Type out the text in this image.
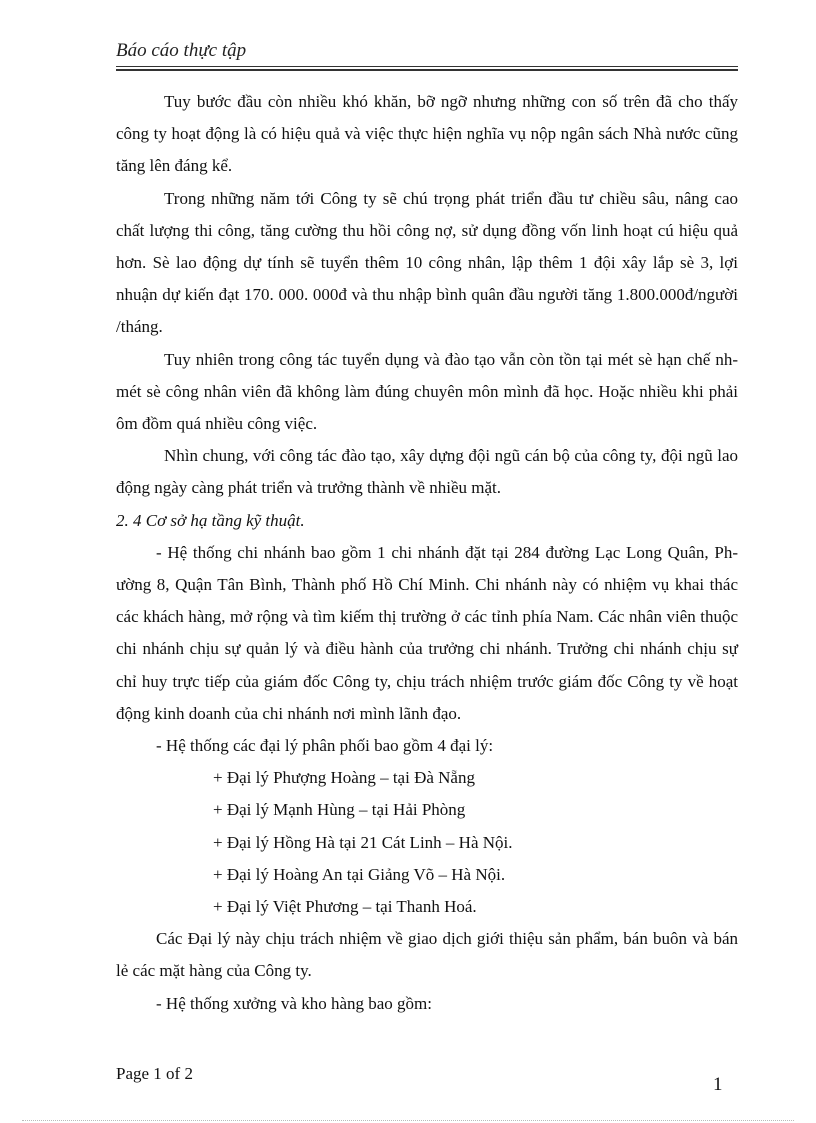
Báo cáo thực tập

Tuy bước đầu còn nhiều khó khăn, bỡ ngỡ nhưng những con số trên đã cho thấy công ty hoạt động là có hiệu quả và việc thực hiện nghĩa vụ nộp ngân sách Nhà nước cũng tăng lên đáng kể.

Trong những năm tới Công ty sẽ chú trọng phát triển đầu tư chiều sâu, nâng cao chất lượng thi công, tăng cường thu hồi công nợ, sử dụng đồng vốn linh hoạt cú hiệu quả hơn. Sè lao động dự tính sẽ tuyển thêm 10 công nhân, lập thêm 1 đội xây lắp sè 3, lợi nhuận dự kiến đạt 170. 000. 000đ và thu nhập bình quân đầu người tăng 1.800.000đ/người /tháng.

Tuy nhiên trong công tác tuyển dụng và đào tạo vẫn còn tồn tại mét sè hạn chế nh mét sè công nhân viên đã không làm đúng chuyên môn mình đã học. Hoặc nhiều khi phải ôm đồm quá nhiều công việc.

Nhìn chung, với công tác đào tạo, xây dựng đội ngũ cán bộ của công ty, đội ngũ lao động ngày càng phát triển và trưởng thành về nhiều mặt.

2. 4 Cơ sở hạ tầng kỹ thuật.

- Hệ thống chi nhánh bao gồm 1 chi nhánh đặt tại 284 đường Lạc Long Quân, Phường 8, Quận Tân Bình, Thành phố Hồ Chí Minh. Chi nhánh này có nhiệm vụ khai thác các khách hàng, mở rộng và tìm kiếm thị trường ở các tỉnh phía Nam. Các nhân viên thuộc chi nhánh chịu sự quản lý và điều hành của trưởng chi nhánh. Trưởng chi nhánh chịu sự chỉ huy trực tiếp của giám đốc Công ty, chịu trách nhiệm trước giám đốc Công ty về hoạt động kinh doanh của chi nhánh nơi mình lãnh đạo.

- Hệ thống các đại lý phân phối bao gồm 4 đại lý:

+ Đại lý Phượng Hoàng – tại Đà Nẵng

+ Đại lý Mạnh Hùng – tại Hải Phòng

+ Đại lý Hồng Hà tại 21 Cát Linh – Hà Nội.

+ Đại lý Hoàng An tại Giảng Võ – Hà Nội.

+ Đại lý Việt Phương – tại Thanh Hoá.

Các Đại lý này chịu trách nhiệm về giao dịch giới thiệu sản phẩm, bán buôn và bán lẻ các mặt hàng của Công ty.

- Hệ thống xưởng và kho hàng bao gồm:

Page 1 of 2
1
